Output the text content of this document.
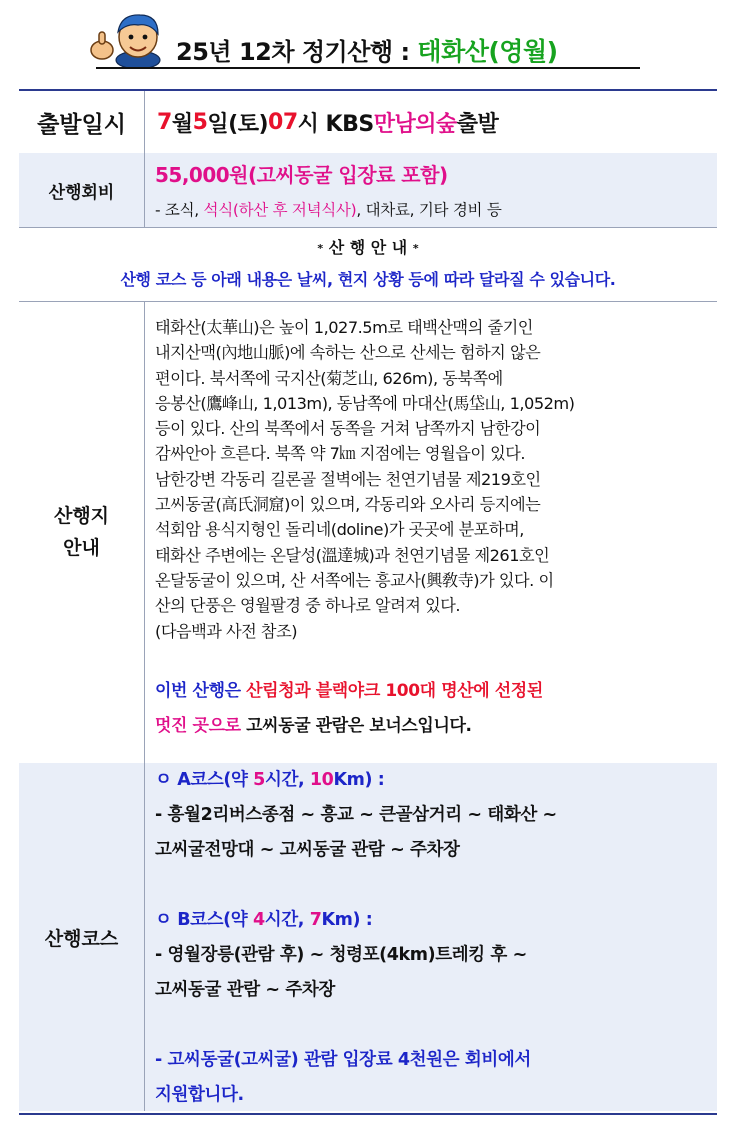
25년 12차 정기산행 : 태화산(영월)
출발일시	7 월 5 일(토) 07 시 KBS 만남의숲 출발
산행회비
55,000원(고씨동굴 입장료 포함)
- 조식, 석식(하산 후 저녁식사), 대차료, 기타 경비 등
* 산 행 안 내 *
산행 코스 등 아래 내용은 날씨, 현지 상황 등에 따라 달라질 수 있습니다.
산행지
안내

태화산(太華山)은 높이 1,027.5m로 태백산맥의 줄기인

내지산맥(內地山脈)에 속하는 산으로 산세는 험하지 않은

편이다. 북서쪽에 국지산(菊芝山, 626m), 동북쪽에

응봉산(鷹峰山, 1,013m), 동남쪽에 마대산(馬垈山, 1,052m)

등이 있다. 산의 북쪽에서 동쪽을 거쳐 남쪽까지 남한강이

감싸안아 흐른다. 북쪽 약 7㎞ 지점에는 영월읍이 있다.

남한강변 각동리 길론골 절벽에는 천연기념물 제219호인

고씨동굴(高氏洞窟)이 있으며, 각동리와 오사리 등지에는

석회암 용식지형인 돌리네(doline)가 곳곳에 분포하며,

태화산 주변에는 온달성(溫達城)과 천연기념물 제261호인

온달동굴이 있으며, 산 서쪽에는 흥교사(興敎寺)가 있다. 이

산의 단풍은 영월팔경 중 하나로 알려져 있다.

(다음백과 사전 참조)

이번 산행은 산림청과 블랙야크 100대 명산에 선정된

멋진 곳으로 고씨동굴 관람은 보너스입니다.

산행코스

ㅇ A코스(약 5시간, 10Km) :

- 흥월2리버스종점 ~ 흥교 ~ 큰골삼거리 ~ 태화산 ~

고씨굴전망대 ~ 고씨동굴 관람 ~ 주차장

ㅇ B코스(약 4시간, 7Km) :

- 영월장릉(관람 후) ~ 청령포(4km)트레킹 후 ~

고씨동굴 관람 ~ 주차장

- 고씨동굴(고씨굴) 관람 입장료 4천원은 회비에서

지원합니다.
